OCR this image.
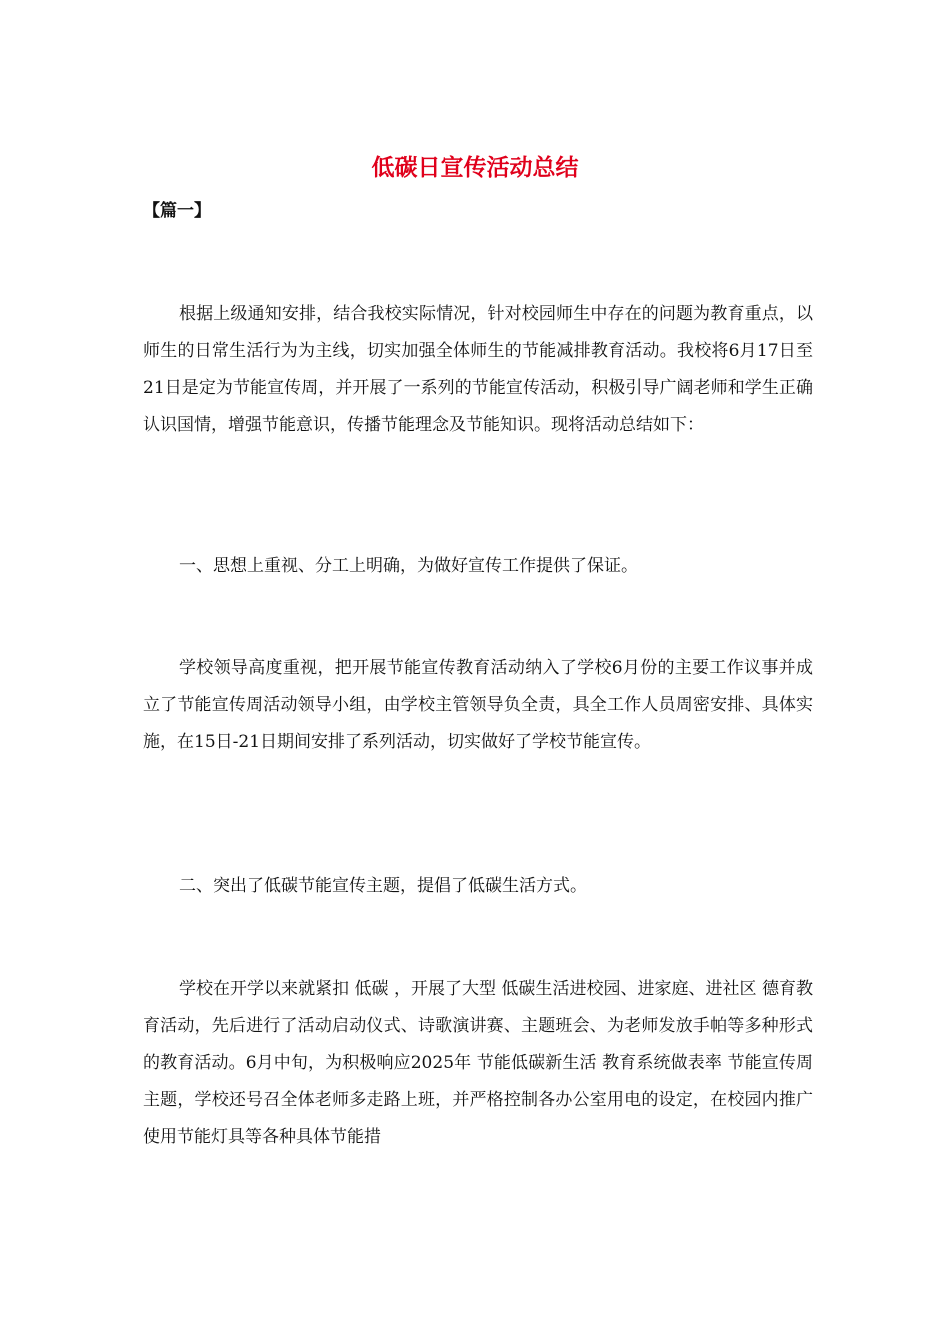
低碳日宣传活动总结

【篇一】

根据上级通知安排，结合我校实际情况，针对校园师生中存在的问题为教育重点，以师生的日常生活行为为主线，切实加强全体师生的节能减排教育活动。我校将6月17日至21日是定为节能宣传周，并开展了一系列的节能宣传活动，积极引导广阔老师和学生正确认识国情，增强节能意识，传播节能理念及节能知识。现将活动总结如下：

一、思想上重视、分工上明确，为做好宣传工作提供了保证。

学校领导高度重视，把开展节能宣传教育活动纳入了学校6月份的主要工作议事并成立了节能宣传周活动领导小组，由学校主管领导负全责，具全工作人员周密安排、具体实施，在15日-21日期间安排了系列活动，切实做好了学校节能宣传。

二、突出了低碳节能宣传主题，提倡了低碳生活方式。

学校在开学以来就紧扣 低碳 ，开展了大型 低碳生活进校园、进家庭、进社区 德育教育活动，先后进行了活动启动仪式、诗歌演讲赛、主题班会、为老师发放手帕等多种形式的教育活动。6月中旬，为积极响应2025年 节能低碳新生活 教育系统做表率 节能宣传周主题，学校还号召全体老师多走路上班，并严格控制各办公室用电的设定，在校园内推广使用节能灯具等各种具体节能措
